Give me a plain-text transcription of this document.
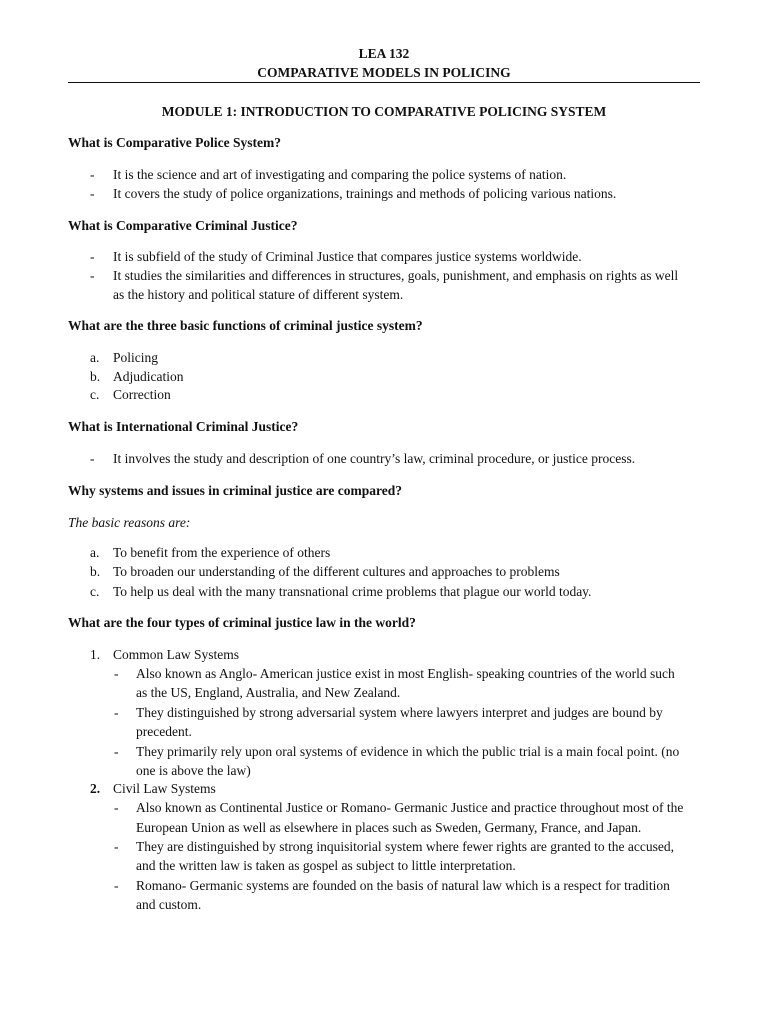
LEA 132
COMPARATIVE MODELS IN POLICING
MODULE 1: INTRODUCTION TO COMPARATIVE POLICING SYSTEM
What is Comparative Police System?
- It is the science and art of investigating and comparing the police systems of nation.
- It covers the study of police organizations, trainings and methods of policing various nations.
What is Comparative Criminal Justice?
- It is subfield of the study of Criminal Justice that compares justice systems worldwide.
- It studies the similarities and differences in structures, goals, punishment, and emphasis on rights as well
as the history and political stature of different system.
What are the three basic functions of criminal justice system?
a. Policing
b. Adjudication
c. Correction
What is International Criminal Justice?
- It involves the study and description of one country’s law, criminal procedure, or justice process.
Why systems and issues in criminal justice are compared?
The basic reasons are:
a. To benefit from the experience of others
b. To broaden our understanding of the different cultures and approaches to problems
c. To help us deal with the many transnational crime problems that plague our world today.
What are the four types of criminal justice law in the world?
1. Common Law Systems
- Also known as Anglo- American justice exist in most English- speaking countries of the world such
as the US, England, Australia, and New Zealand.
- They distinguished by strong adversarial system where lawyers interpret and judges are bound by
precedent.
- They primarily rely upon oral systems of evidence in which the public trial is a main focal point. (no
one is above the law)
2. Civil Law Systems
- Also known as Continental Justice or Romano- Germanic Justice and practice throughout most of the
European Union as well as elsewhere in places such as Sweden, Germany, France, and Japan.
- They are distinguished by strong inquisitorial system where fewer rights are granted to the accused,
and the written law is taken as gospel as subject to little interpretation.
- Romano- Germanic systems are founded on the basis of natural law which is a respect for tradition
and custom.
